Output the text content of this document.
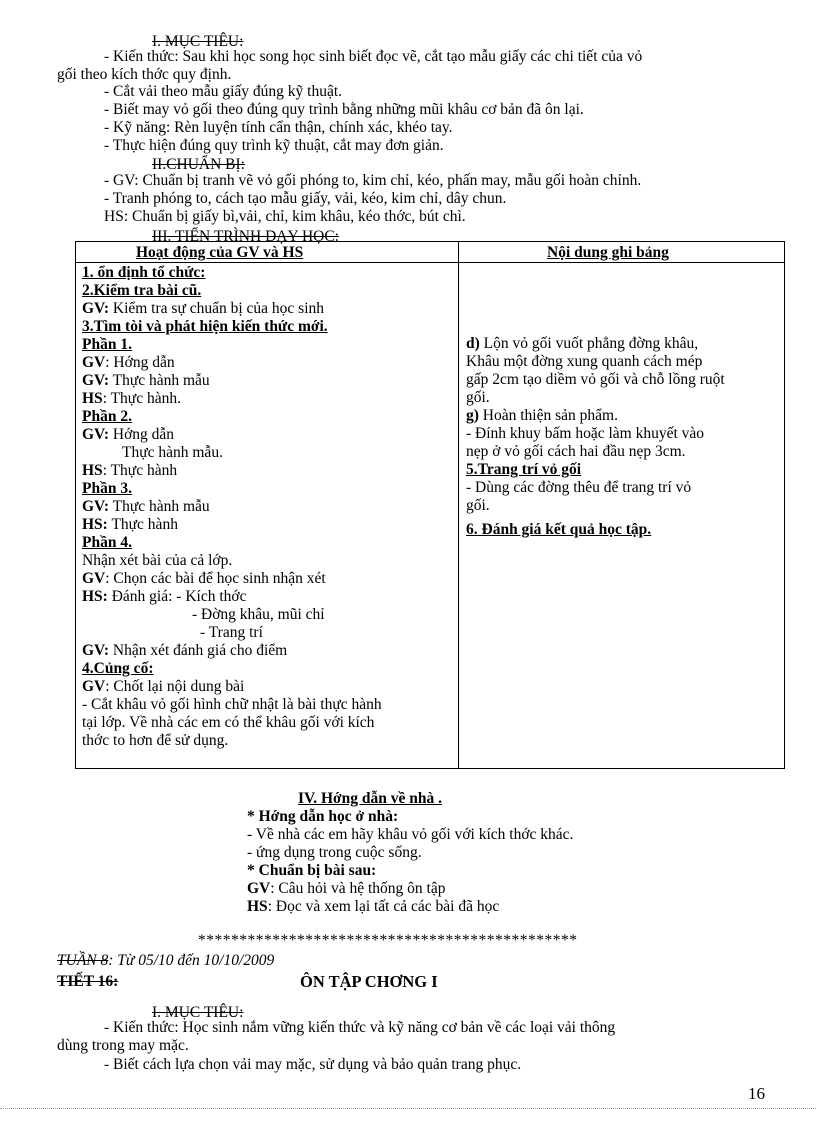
I. MỤC TIÊU:
- Kiến thức: Sau khi học song học sinh biết đọc vẽ, cắt tạo mẫu giấy các chi tiết của vỏ
gối theo kích thớc quy định.
- Cắt vải theo mẫu giấy đúng kỹ thuật.
- Biết may vỏ gối theo đúng quy trình bằng những mũi khâu cơ bản đã ôn lại.
- Kỹ năng: Rèn luyện tính cẩn thận, chính xác, khéo tay.
- Thực hiện đúng quy trình kỹ thuật, cắt may đơn giản.
II.CHUẨN BỊ:
- GV: Chuẩn bị tranh vẽ vỏ gối phóng to, kim chỉ, kéo, phấn may, mẫu gối hoàn chỉnh.
- Tranh phóng to, cách tạo mẫu giấy, vải, kéo, kim chỉ, dây chun.
HS: Chuẩn bị giấy bì,vải, chỉ, kim khâu, kéo thớc, bút chì.
III. TIẾN TRÌNH DẠY HỌC:
Hoạt động của GV và HS	Nội dung ghi bảng
1. ổn định tổ chức:
2.Kiểm tra bài cũ.
GV: Kiểm tra sự chuẩn bị của học sinh
3.Tìm tòi và phát hiện kiến thức mới.
Phần 1.
GV: Hớng dẫn
GV: Thực hành mẫu
HS: Thực hành.
Phần 2.
GV: Hớng dẫn
Thực hành mẫu.
HS: Thực hành
Phần 3.
GV: Thực hành mẫu
HS: Thực hành
Phần 4.
Nhận xét bài của cả lớp.
GV: Chọn các bài để học sinh nhận xét
HS: Đánh giá: - Kích thớc
- Đờng khâu, mũi chỉ
- Trang trí
GV: Nhận xét đánh giá cho điểm
4.Củng cố:
GV: Chốt lại nội dung bài
- Cắt khâu vỏ gối hình chữ nhật là bài thực hành
tại lớp. Về nhà các em có thể khâu gối với kích
thớc to hơn để sử dụng.
d) Lộn vỏ gối vuốt phẳng đờng khâu,
Khâu một đờng xung quanh cách mép
gấp 2cm tạo diềm vỏ gối và chỗ lồng ruột
gối.
g) Hoàn thiện sản phẩm.
- Đính khuy bấm hoặc làm khuyết vào
nẹp ở vỏ gối cách hai đầu nẹp 3cm.
5.Trang trí vỏ gối
- Dùng các đờng thêu để trang trí vỏ
gối.
6. Đánh giá kết quả học tập.
IV. Hớng dẫn về nhà .
* Hớng dẫn học ở nhà:
- Về nhà các em hãy khâu vỏ gối với kích thớc khác.
- ứng dụng trong cuộc sống.
* Chuẩn bị bài sau:
GV: Câu hỏi và hệ thống ôn tập
HS: Đọc và xem lại tất cả các bài đã học
**********************************************
TUẦN 8: Từ 05/10 đến 10/10/2009
TIẾT 16:	ÔN TẬP CHƠNG I
I. MỤC TIÊU:
- Kiến thức: Học sinh nắm vững kiến thức và kỹ năng cơ bản về các loại vải thông
dùng trong may mặc.
- Biết cách lựa chọn vải may mặc, sử dụng và bảo quản trang phục.
16
